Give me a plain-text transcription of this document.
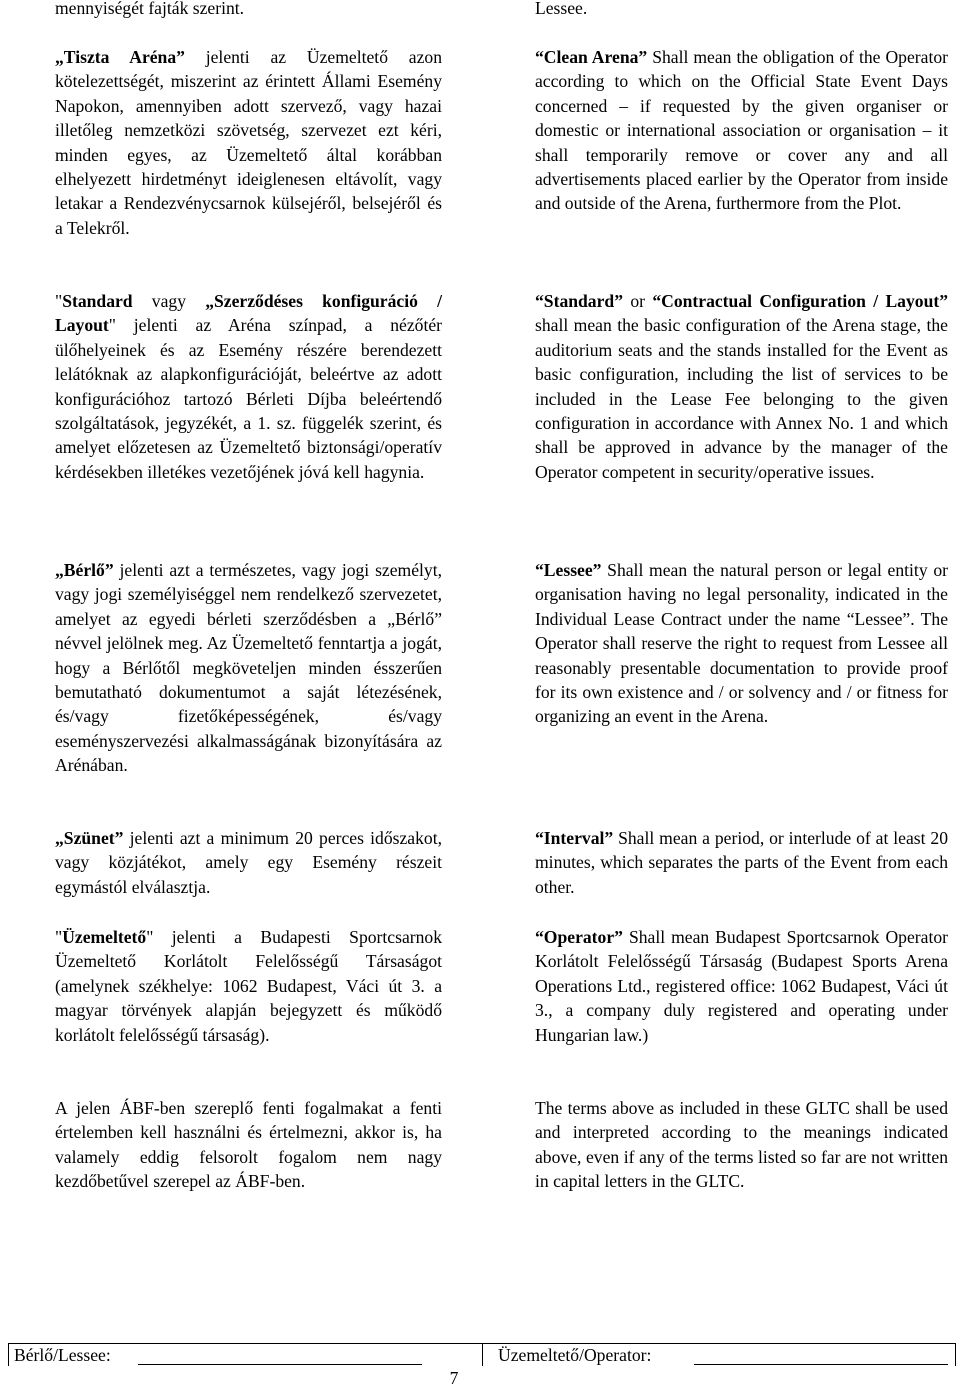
mennyiségét fajták szerint.

„Tiszta Aréna” jelenti az Üzemeltető azon kötelezettségét, miszerint az érintett Állami Esemény Napokon, amennyiben adott szervező, vagy hazai illetőleg nemzetközi szövetség, szervezet ezt kéri, minden egyes, az Üzemeltető által korábban elhelyezett hirdetményt ideiglenesen eltávolít, vagy letakar a Rendezvénycsarnok külsejéről, belsejéről és a Telekről.

"Standard vagy „Szerződéses konfiguráció / Layout" jelenti az Aréna színpad, a nézőtér ülőhelyeinek és az Esemény részére berendezett lelátóknak az alapkonfigurációját, beleértve az adott konfigurációhoz tartozó Bérleti Díjba beleértendő szolgáltatások, jegyzékét, a 1. sz. függelék szerint, és amelyet előzetesen az Üzemeltető biztonsági/operatív kérdésekben illetékes vezetőjének jóvá kell hagynia.

„Bérlő” jelenti azt a természetes, vagy jogi személyt, vagy jogi személyiséggel nem rendelkező szervezetet, amelyet az egyedi bérleti szerződésben a „Bérlő” névvel jelölnek meg. Az Üzemeltető fenntartja a jogát, hogy a Bérlőtől megköveteljen minden ésszerűen bemutatható dokumentumot a saját létezésének, és/vagy fizetőképességének, és/vagy eseményszervezési alkalmasságának bizonyítására az Arénában.

„Szünet” jelenti azt a minimum 20 perces időszakot, vagy közjátékot, amely egy Esemény részeit egymástól elválasztja.

"Üzemeltető" jelenti a Budapesti Sportcsarnok Üzemeltető Korlátolt Felelősségű Társaságot (amelynek székhelye: 1062 Budapest, Váci út 3. a magyar törvények alapján bejegyzett és működő korlátolt felelősségű társaság).

A jelen ÁBF-ben szereplő fenti fogalmakat a fenti értelemben kell használni és értelmezni, akkor is, ha valamely eddig felsorolt fogalom nem nagy kezdőbetűvel szerepel az ÁBF-ben.

Lessee.

“Clean Arena” Shall mean the obligation of the Operator according to which on the Official State Event Days concerned – if requested by the given organiser or domestic or international association or organisation – it shall temporarily remove or cover any and all advertisements placed earlier by the Operator from inside and outside of the Arena, furthermore from the Plot.

“Standard” or “Contractual Configuration / Layout” shall mean the basic configuration of the Arena stage, the auditorium seats and the stands installed for the Event as basic configuration, including the list of services to be included in the Lease Fee belonging to the given configuration in accordance with Annex No. 1 and which shall be approved in advance by the manager of the Operator competent in security/operative issues.

“Lessee” Shall mean the natural person or legal entity or organisation having no legal personality, indicated in the Individual Lease Contract under the name “Lessee”. The Operator shall reserve the right to request from Lessee all reasonably presentable documentation to provide proof for its own existence and / or solvency and / or fitness for organizing an event in the Arena.

“Interval” Shall mean a period, or interlude of at least 20 minutes, which separates the parts of the Event from each other.

“Operator” Shall mean Budapest Sportcsarnok Operator Korlátolt Felelősségű Társaság (Budapest Sports Arena Operations Ltd., registered office: 1062 Budapest, Váci út 3., a company duly registered and operating under Hungarian law.)

The terms above as included in these GLTC shall be used and interpreted according to the meanings indicated above, even if any of the terms listed so far are not written in capital letters in the GLTC.

Bérlő/Lessee:	Üzemeltető/Operator:
7
